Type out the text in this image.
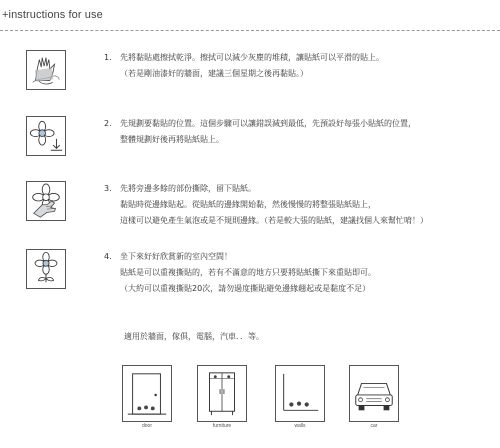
+instructions for use
1. 先將黏貼處擦拭乾淨。擦拭可以減少灰塵的堆積，讓貼紙可以平滑的貼上。
（若是剛油漆好的牆面，建議三個星期之後再黏貼。）
2. 先規劃要黏貼的位置。這個步驟可以讓錯誤減到最低，先預設好每張小貼紙的位置，
整體規劃好後再將貼紙貼上。
3. 先將旁邊多餘的部份撕除，留下貼紙。
黏貼時從邊緣貼起。從貼紙的邊緣開始黏，然後慢慢的將整張貼紙貼上，
這樣可以避免產生氣泡或是不規則邊緣。（若是較大張的貼紙，建議找個人來幫忙唷！）
4. 坐下來好好欣賞新的室內空間！
貼紙是可以重複撕貼的，若有不滿意的地方只要將貼紙撕下來重貼即可。
（大約可以重複撕貼20次，請勿過度撕貼避免邊緣翹起或是黏度不足）
適用於牆面，傢俱，電腦，汽車．．等。
door	furniture	walls	car
